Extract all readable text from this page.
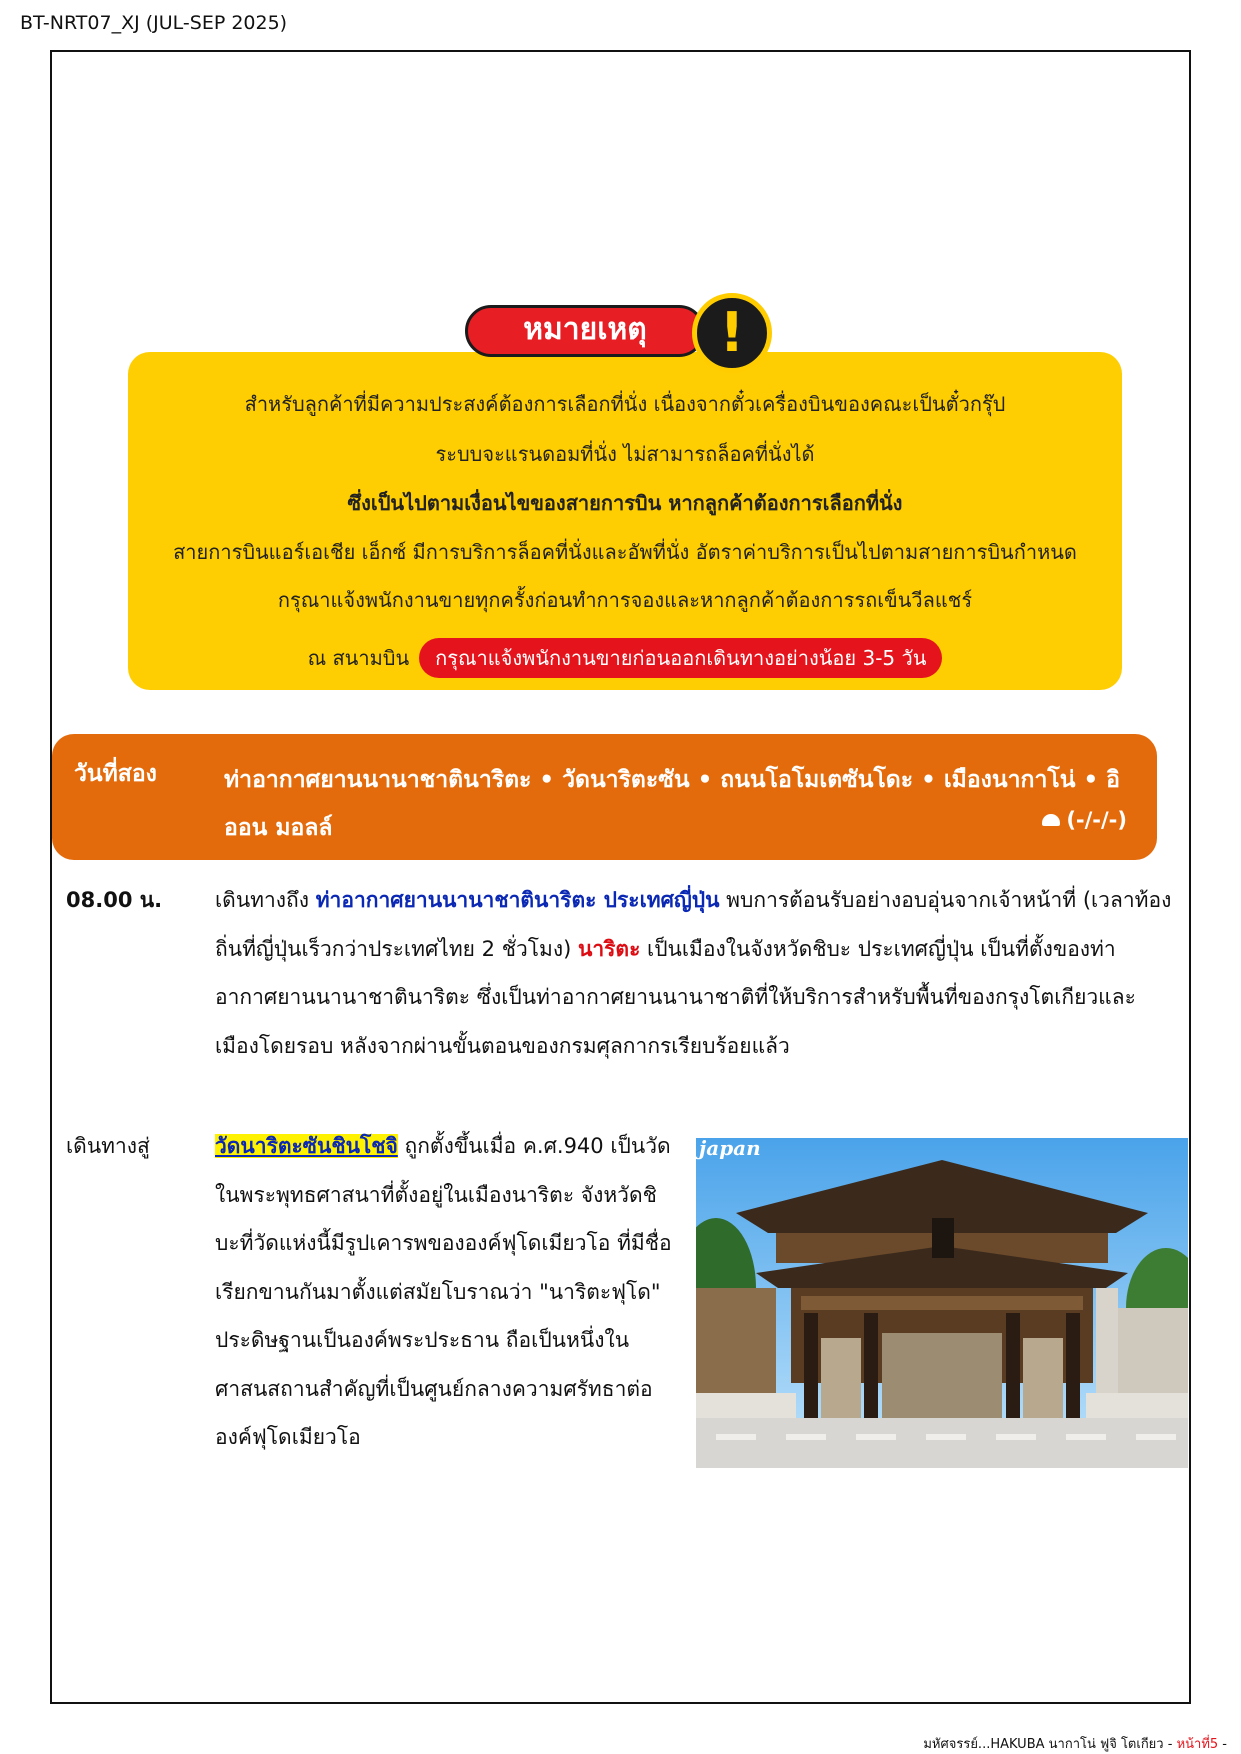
BT-NRT07_XJ (JUL-SEP 2025)
หมายเหตุ	!
สำหรับลูกค้าที่มีความประสงค์ต้องการเลือกที่นั่ง เนื่องจากตั๋วเครื่องบินของคณะเป็นตั๋วกรุ๊ป
ระบบจะแรนดอมที่นั่ง ไม่สามารถล็อคที่นั่งได้
ซึ่งเป็นไปตามเงื่อนไขของสายการบิน หากลูกค้าต้องการเลือกที่นั่ง
สายการบินแอร์เอเชีย เอ็กซ์ มีการบริการล็อคที่นั่งและอัพที่นั่ง อัตราค่าบริการเป็นไปตามสายการบินกำหนด
กรุณาแจ้งพนักงานขายทุกครั้งก่อนทำการจองและหากลูกค้าต้องการรถเข็นวีลแชร์
ณ สนามบิน	กรุณาแจ้งพนักงานขายก่อนออกเดินทางอย่างน้อย 3-5 วัน
วันที่สอง	ท่าอากาศยานนานาชาตินาริตะ • วัดนาริตะซัน • ถนนโอโมเตซันโดะ • เมืองนากาโน่ • อิออน มอลล์	(-/-/-)
08.00 น.	เดินทางถึง ท่าอากาศยานนานาชาตินาริตะ ประเทศญี่ปุ่น พบการต้อนรับอย่างอบอุ่นจากเจ้าหน้าที่ (เวลาท้องถิ่นที่ญี่ปุ่นเร็วกว่าประเทศไทย 2 ชั่วโมง) นาริตะ เป็นเมืองในจังหวัดชิบะ ประเทศญี่ปุ่น เป็นที่ตั้งของท่าอากาศยานนานาชาตินาริตะ ซึ่งเป็นท่าอากาศยานนานาชาติที่ให้บริการสำหรับพื้นที่ของกรุงโตเกียวและเมืองโดยรอบ หลังจากผ่านขั้นตอนของกรมศุลกากรเรียบร้อยแล้ว
เดินทางสู่	วัดนาริตะซันชินโชจิ ถูกตั้งขึ้นเมื่อ ค.ศ.940 เป็นวัดในพระพุทธศาสนาที่ตั้งอยู่ในเมืองนาริตะ จังหวัดชิบะที่วัดแห่งนี้มีรูปเคารพขององค์ฟุโดเมียวโอ ที่มีชื่อเรียกขานกันมาตั้งแต่สมัยโบราณว่า "นาริตะฟุโด" ประดิษฐานเป็นองค์พระประธาน ถือเป็นหนึ่งในศาสนสถานสำคัญที่เป็นศูนย์กลางความศรัทธาต่อองค์ฟุโดเมียวโอ
japan
มหัศจรรย์...HAKUBA นากาโน่ ฟูจิ โตเกียว - หน้าที่5 -
